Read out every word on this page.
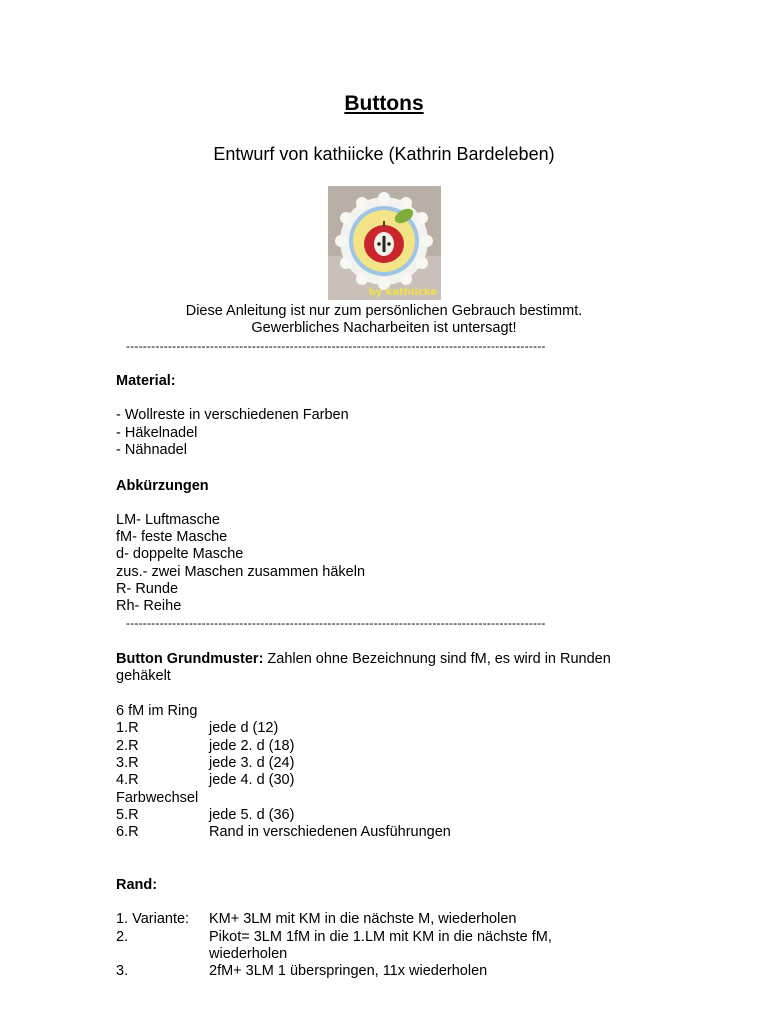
Buttons
Entwurf von kathiicke (Kathrin Bardeleben)
by kathiicke
Diese Anleitung ist nur zum persönlichen Gebrauch bestimmt.
Gewerbliches Nacharbeiten ist untersagt!
----------------------------------------------------------------------------------------------------
Material:
- Wollreste in verschiedenen Farben
- Häkelnadel
- Nähnadel
Abkürzungen
LM- Luftmasche
fM- feste Masche
d- doppelte Masche
zus.- zwei Maschen zusammen häkeln
R- Runde
Rh- Reihe
----------------------------------------------------------------------------------------------------
Button Grundmuster: Zahlen ohne Bezeichnung sind fM, es wird in Runden
gehäkelt
6 fM im Ring
1.R	jede d (12)
2.R	jede 2. d (18)
3.R	jede 3. d (24)
4.R	jede 4. d (30)
Farbwechsel
5.R	jede 5. d (36)
6.R	Rand in verschiedenen Ausführungen
Rand:
1. Variante: KM+ 3LM mit KM in die nächste M, wiederholen
2.	Pikot= 3LM 1fM in die 1.LM mit KM in die nächste fM,
wiederholen
3.	2fM+ 3LM 1 überspringen, 11x wiederholen
